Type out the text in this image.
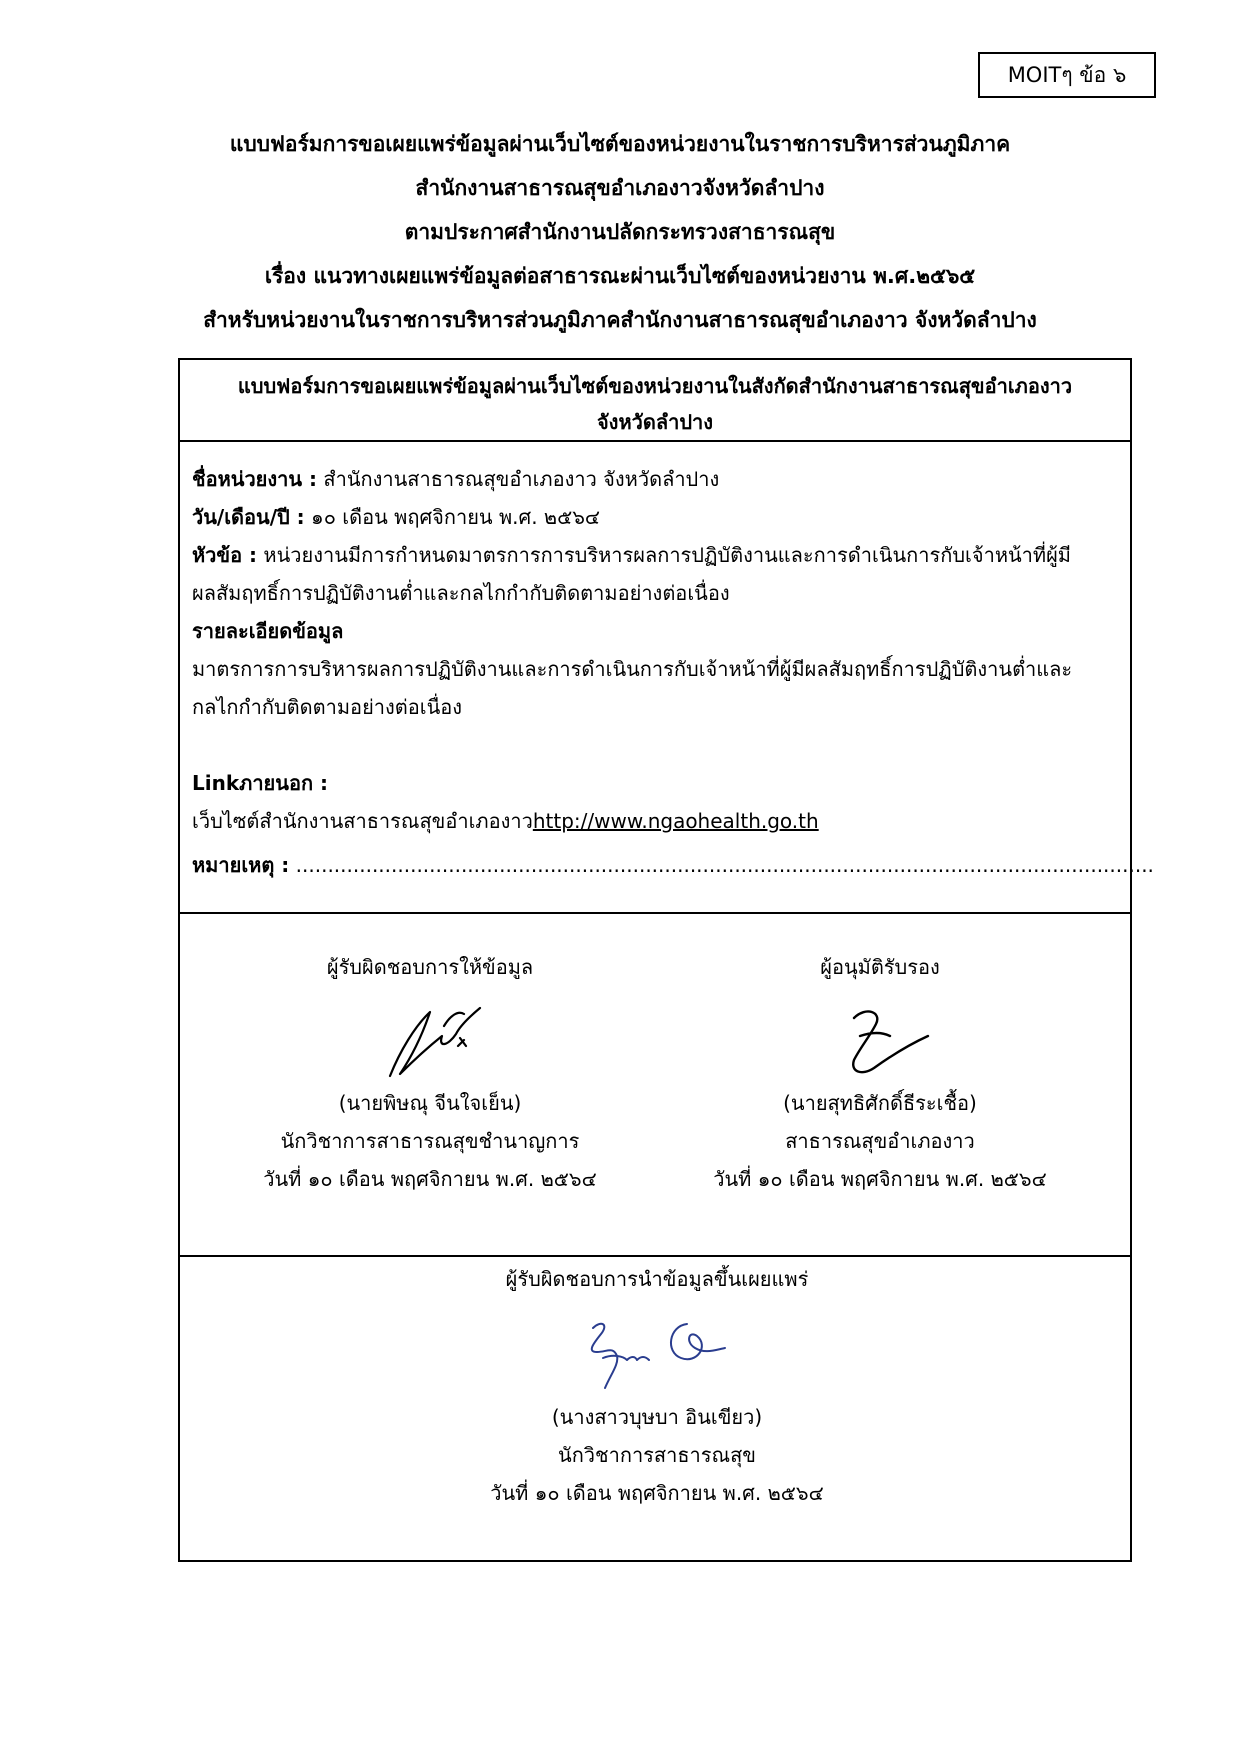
MOITๆ ข้อ ๖
แบบฟอร์มการขอเผยแพร่ข้อมูลผ่านเว็บไซต์ของหน่วยงานในราชการบริหารส่วนภูมิภาค
สำนักงานสาธารณสุขอำเภองาวจังหวัดลำปาง
ตามประกาศสำนักงานปลัดกระทรวงสาธารณสุข
เรื่อง แนวทางเผยแพร่ข้อมูลต่อสาธารณะผ่านเว็บไซต์ของหน่วยงาน พ.ศ.๒๕๖๕
สำหรับหน่วยงานในราชการบริหารส่วนภูมิภาคสำนักงานสาธารณสุขอำเภองาว จังหวัดลำปาง
แบบฟอร์มการขอเผยแพร่ข้อมูลผ่านเว็บไซต์ของหน่วยงานในสังกัดสำนักงานสาธารณสุขอำเภองาว
จังหวัดลำปาง
ชื่อหน่วยงาน : สำนักงานสาธารณสุขอำเภองาว จังหวัดลำปาง
วัน/เดือน/ปี : ๑๐ เดือน พฤศจิกายน พ.ศ. ๒๕๖๔
หัวข้อ : หน่วยงานมีการกำหนดมาตรการการบริหารผลการปฏิบัติงานและการดำเนินการกับเจ้าหน้าที่ผู้มี
ผลสัมฤทธิ์การปฏิบัติงานต่ำและกลไกกำกับติดตามอย่างต่อเนื่อง
รายละเอียดข้อมูล
มาตรการการบริหารผลการปฏิบัติงานและการดำเนินการกับเจ้าหน้าที่ผู้มีผลสัมฤทธิ์การปฏิบัติงานต่ำและ
กลไกกำกับติดตามอย่างต่อเนื่อง
Linkภายนอก :
เว็บไซต์สำนักงานสาธารณสุขอำเภองาวhttp://www.ngaohealth.go.th
หมายเหตุ : .......................................................................................................................................
ผู้รับผิดชอบการให้ข้อมูล
(นายพิษณุ จีนใจเย็น)
นักวิชาการสาธารณสุขชำนาญการ
วันที่ ๑๐ เดือน พฤศจิกายน พ.ศ. ๒๕๖๔
ผู้อนุมัติรับรอง
(นายสุทธิศักดิ์ธีระเชื้อ)
สาธารณสุขอำเภองาว
วันที่ ๑๐ เดือน พฤศจิกายน พ.ศ. ๒๕๖๔
ผู้รับผิดชอบการนำข้อมูลขึ้นเผยแพร่
(นางสาวบุษบา อินเขียว)
นักวิชาการสาธารณสุข
วันที่ ๑๐ เดือน พฤศจิกายน พ.ศ. ๒๕๖๔
